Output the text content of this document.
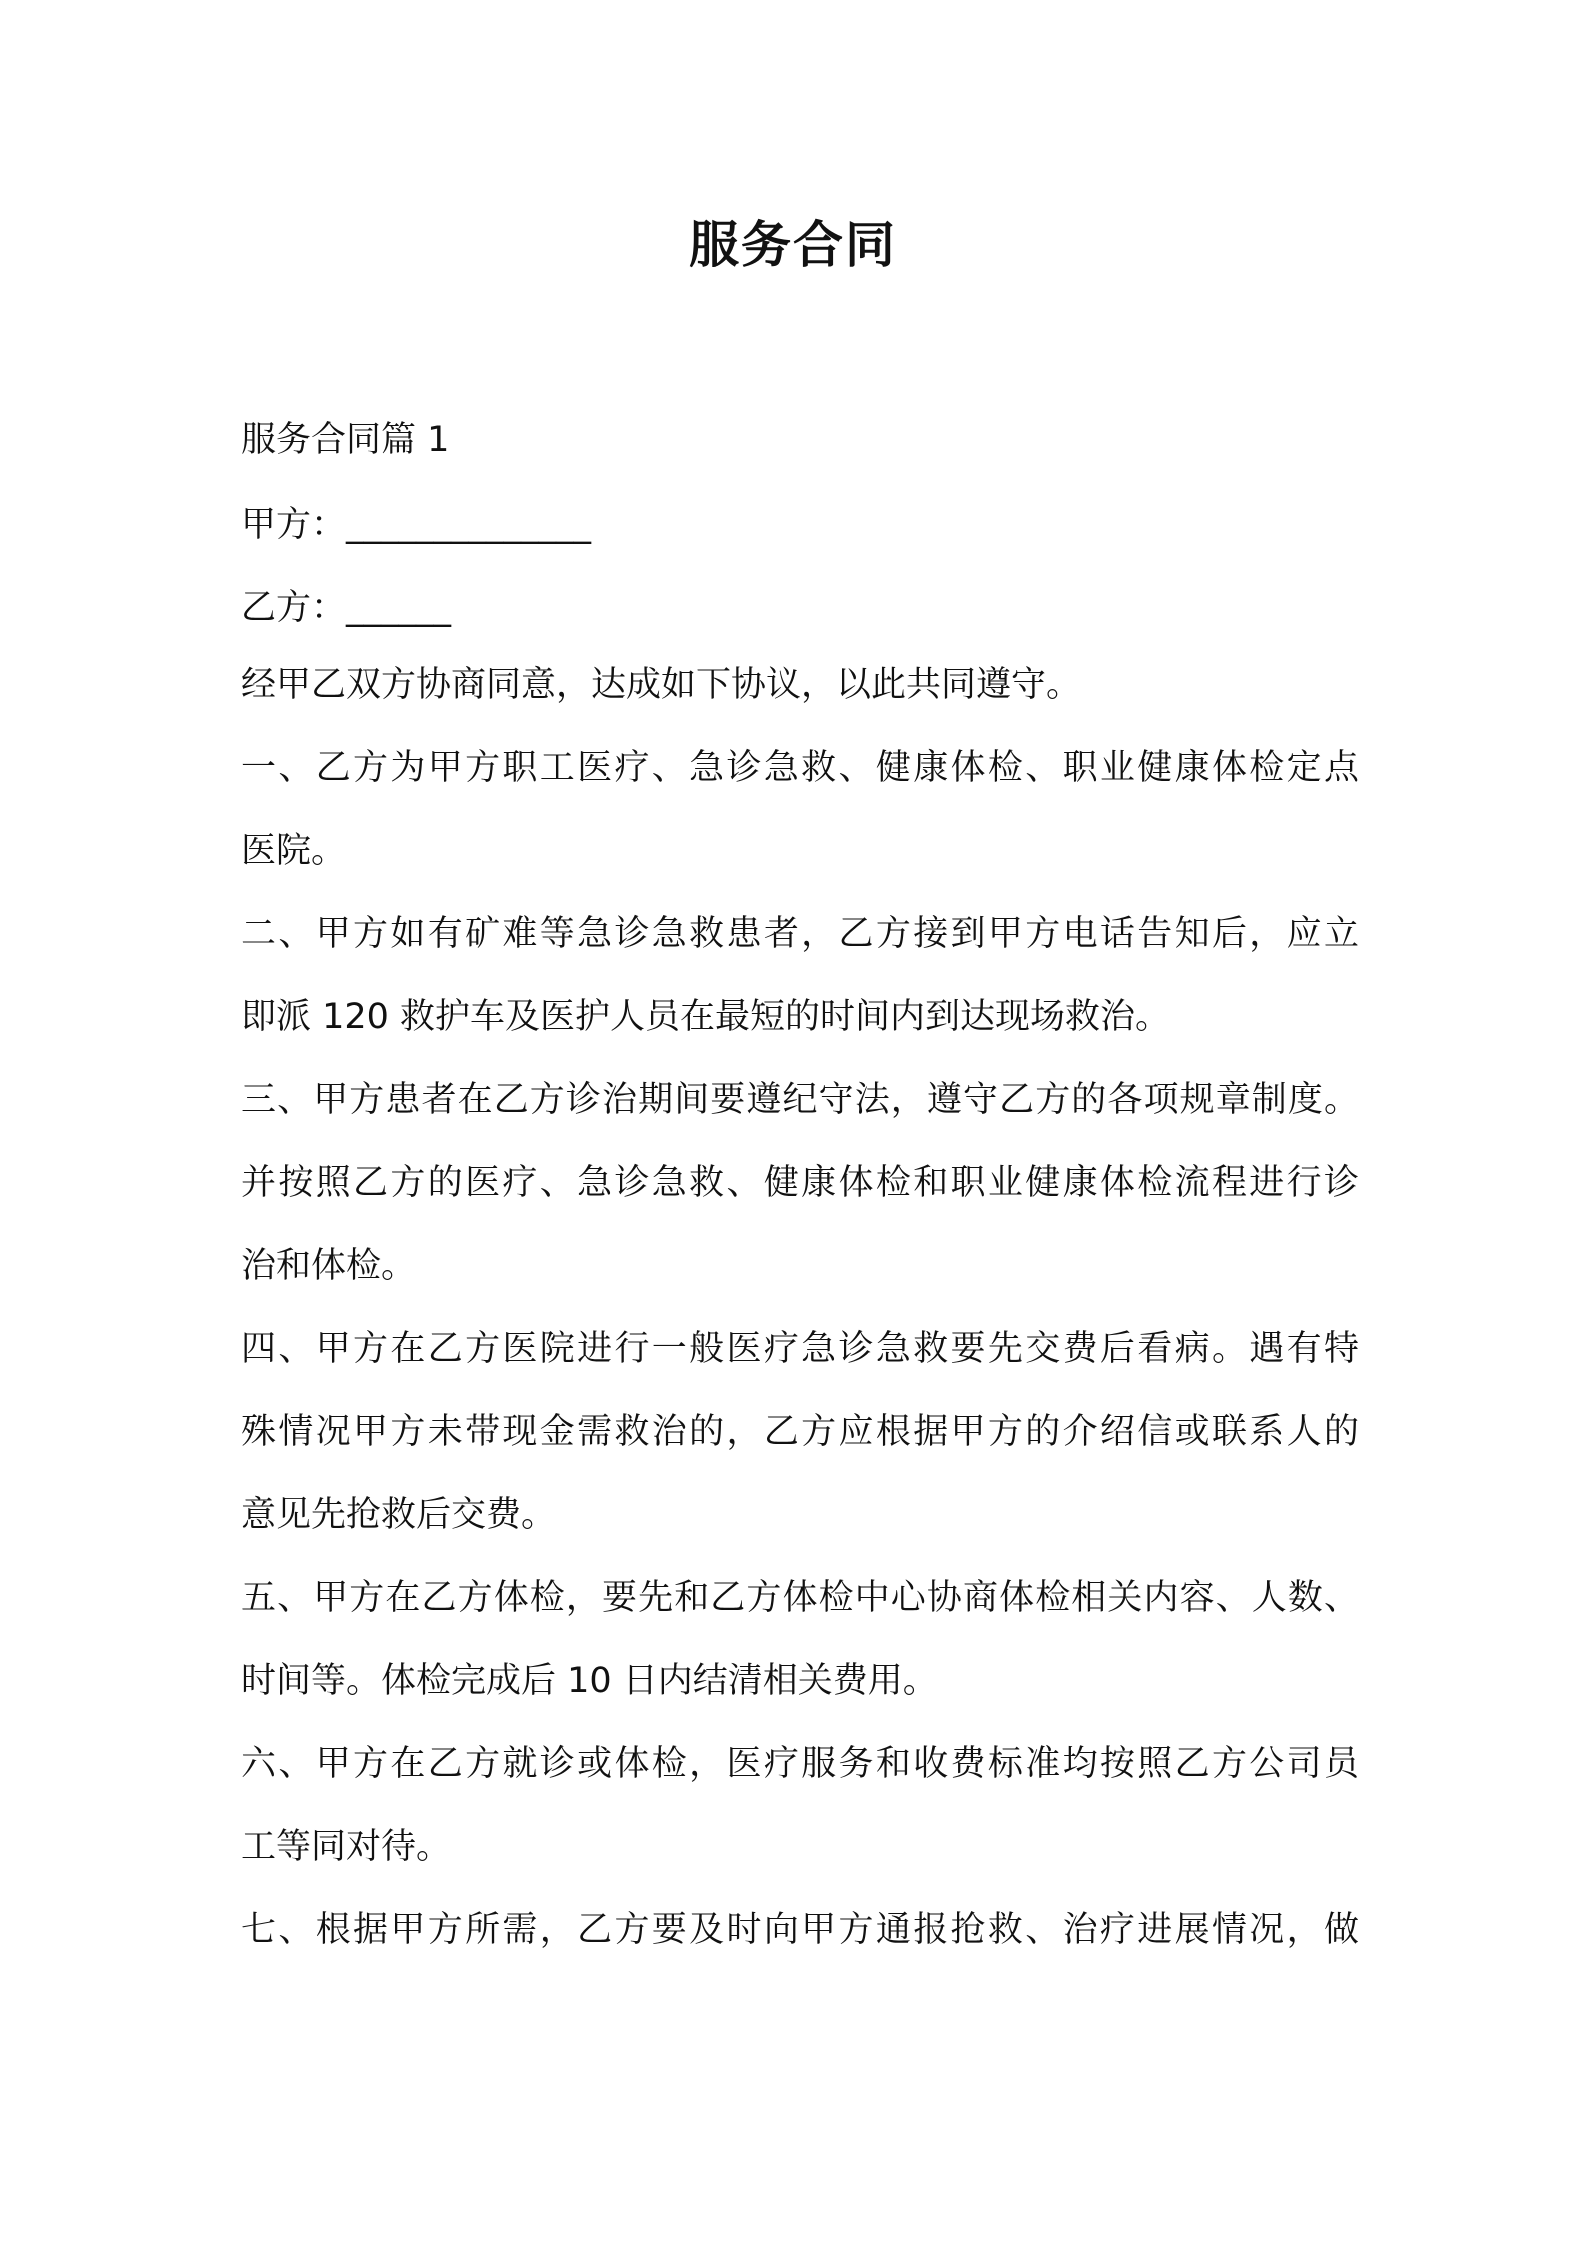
服务合同
服务合同篇 1
甲方：______________
乙方：______
经甲乙双方协商同意，达成如下协议，以此共同遵守。
一、乙方为甲方职工医疗、急诊急救、健康体检、职业健康体检定点
医院。
二、甲方如有矿难等急诊急救患者，乙方接到甲方电话告知后，应立
即派 120 救护车及医护人员在最短的时间内到达现场救治。
三、甲方患者在乙方诊治期间要遵纪守法，遵守乙方的各项规章制度。
并按照乙方的医疗、急诊急救、健康体检和职业健康体检流程进行诊
治和体检。
四、甲方在乙方医院进行一般医疗急诊急救要先交费后看病。遇有特
殊情况甲方未带现金需救治的，乙方应根据甲方的介绍信或联系人的
意见先抢救后交费。
五、甲方在乙方体检，要先和乙方体检中心协商体检相关内容、人数、
时间等。体检完成后 10 日内结清相关费用。
六、甲方在乙方就诊或体检，医疗服务和收费标准均按照乙方公司员
工等同对待。
七、根据甲方所需，乙方要及时向甲方通报抢救、治疗进展情况，做
